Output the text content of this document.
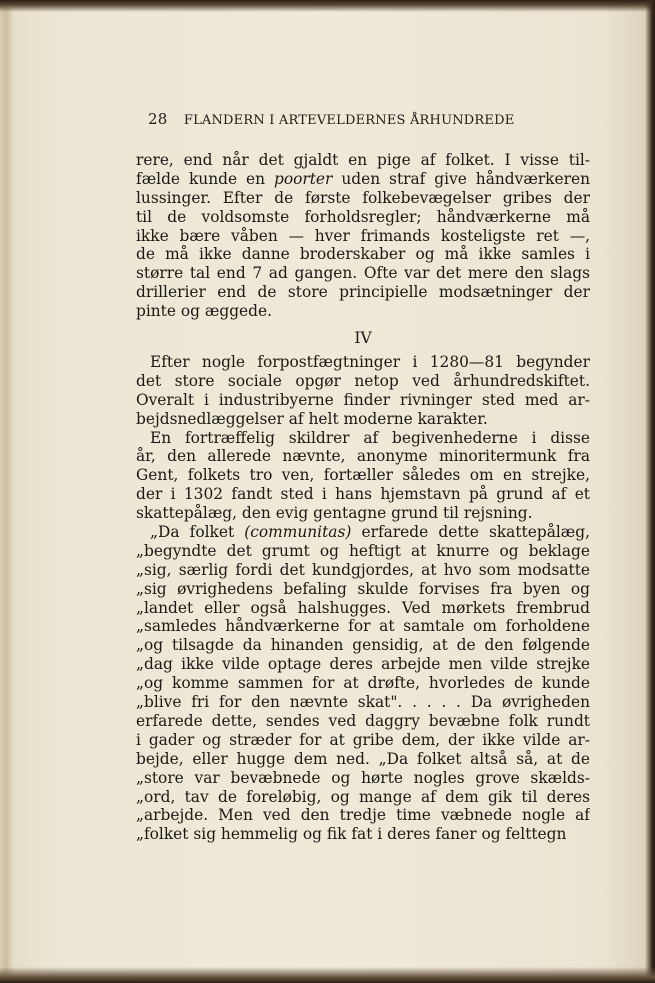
28 FLANDERN I ARTEVELDERNES ÅRHUNDREDE
rere, end når det gjaldt en pige af folket. I visse til-
fælde kunde en poorter uden straf give håndværkeren
lussinger. Efter de første folkebevægelser gribes der
til de voldsomste forholdsregler; håndværkerne må
ikke bære våben — hver frimands kosteligste ret —,
de må ikke danne broderskaber og må ikke samles i
større tal end 7 ad gangen. Ofte var det mere den slags
drillerier end de store principielle modsætninger der
pinte og æggede.
IV
Efter nogle forpostfægtninger i 1280—81 begynder
det store sociale opgør netop ved århundredskiftet.
Overalt i industribyerne finder rivninger sted med ar-
bejdsnedlæggelser af helt moderne karakter.
En fortræffelig skildrer af begivenhederne i disse
år, den allerede nævnte, anonyme minoritermunk fra
Gent, folkets tro ven, fortæller således om en strejke,
der i 1302 fandt sted i hans hjemstavn på grund af et
skattepålæg, den evig gentagne grund til rejsning.
„Da folket (communitas) erfarede dette skattepålæg,
„begyndte det grumt og heftigt at knurre og beklage
„sig, særlig fordi det kundgjordes, at hvo som modsatte
„sig øvrighedens befaling skulde forvises fra byen og
„landet eller også halshugges. Ved mørkets frembrud
„samledes håndværkerne for at samtale om forholdene
„og tilsagde da hinanden gensidig, at de den følgende
„dag ikke vilde optage deres arbejde men vilde strejke
„og komme sammen for at drøfte, hvorledes de kunde
„blive fri for den nævnte skat". . . . . Da øvrigheden
erfarede dette, sendes ved daggry bevæbne folk rundt
i gader og stræder for at gribe dem, der ikke vilde ar-
bejde, eller hugge dem ned. „Da folket altså så, at de
„store var bevæbnede og hørte nogles grove skælds-
„ord, tav de foreløbig, og mange af dem gik til deres
„arbejde. Men ved den tredje time væbnede nogle af
„folket sig hemmelig og fik fat i deres faner og felttegn
